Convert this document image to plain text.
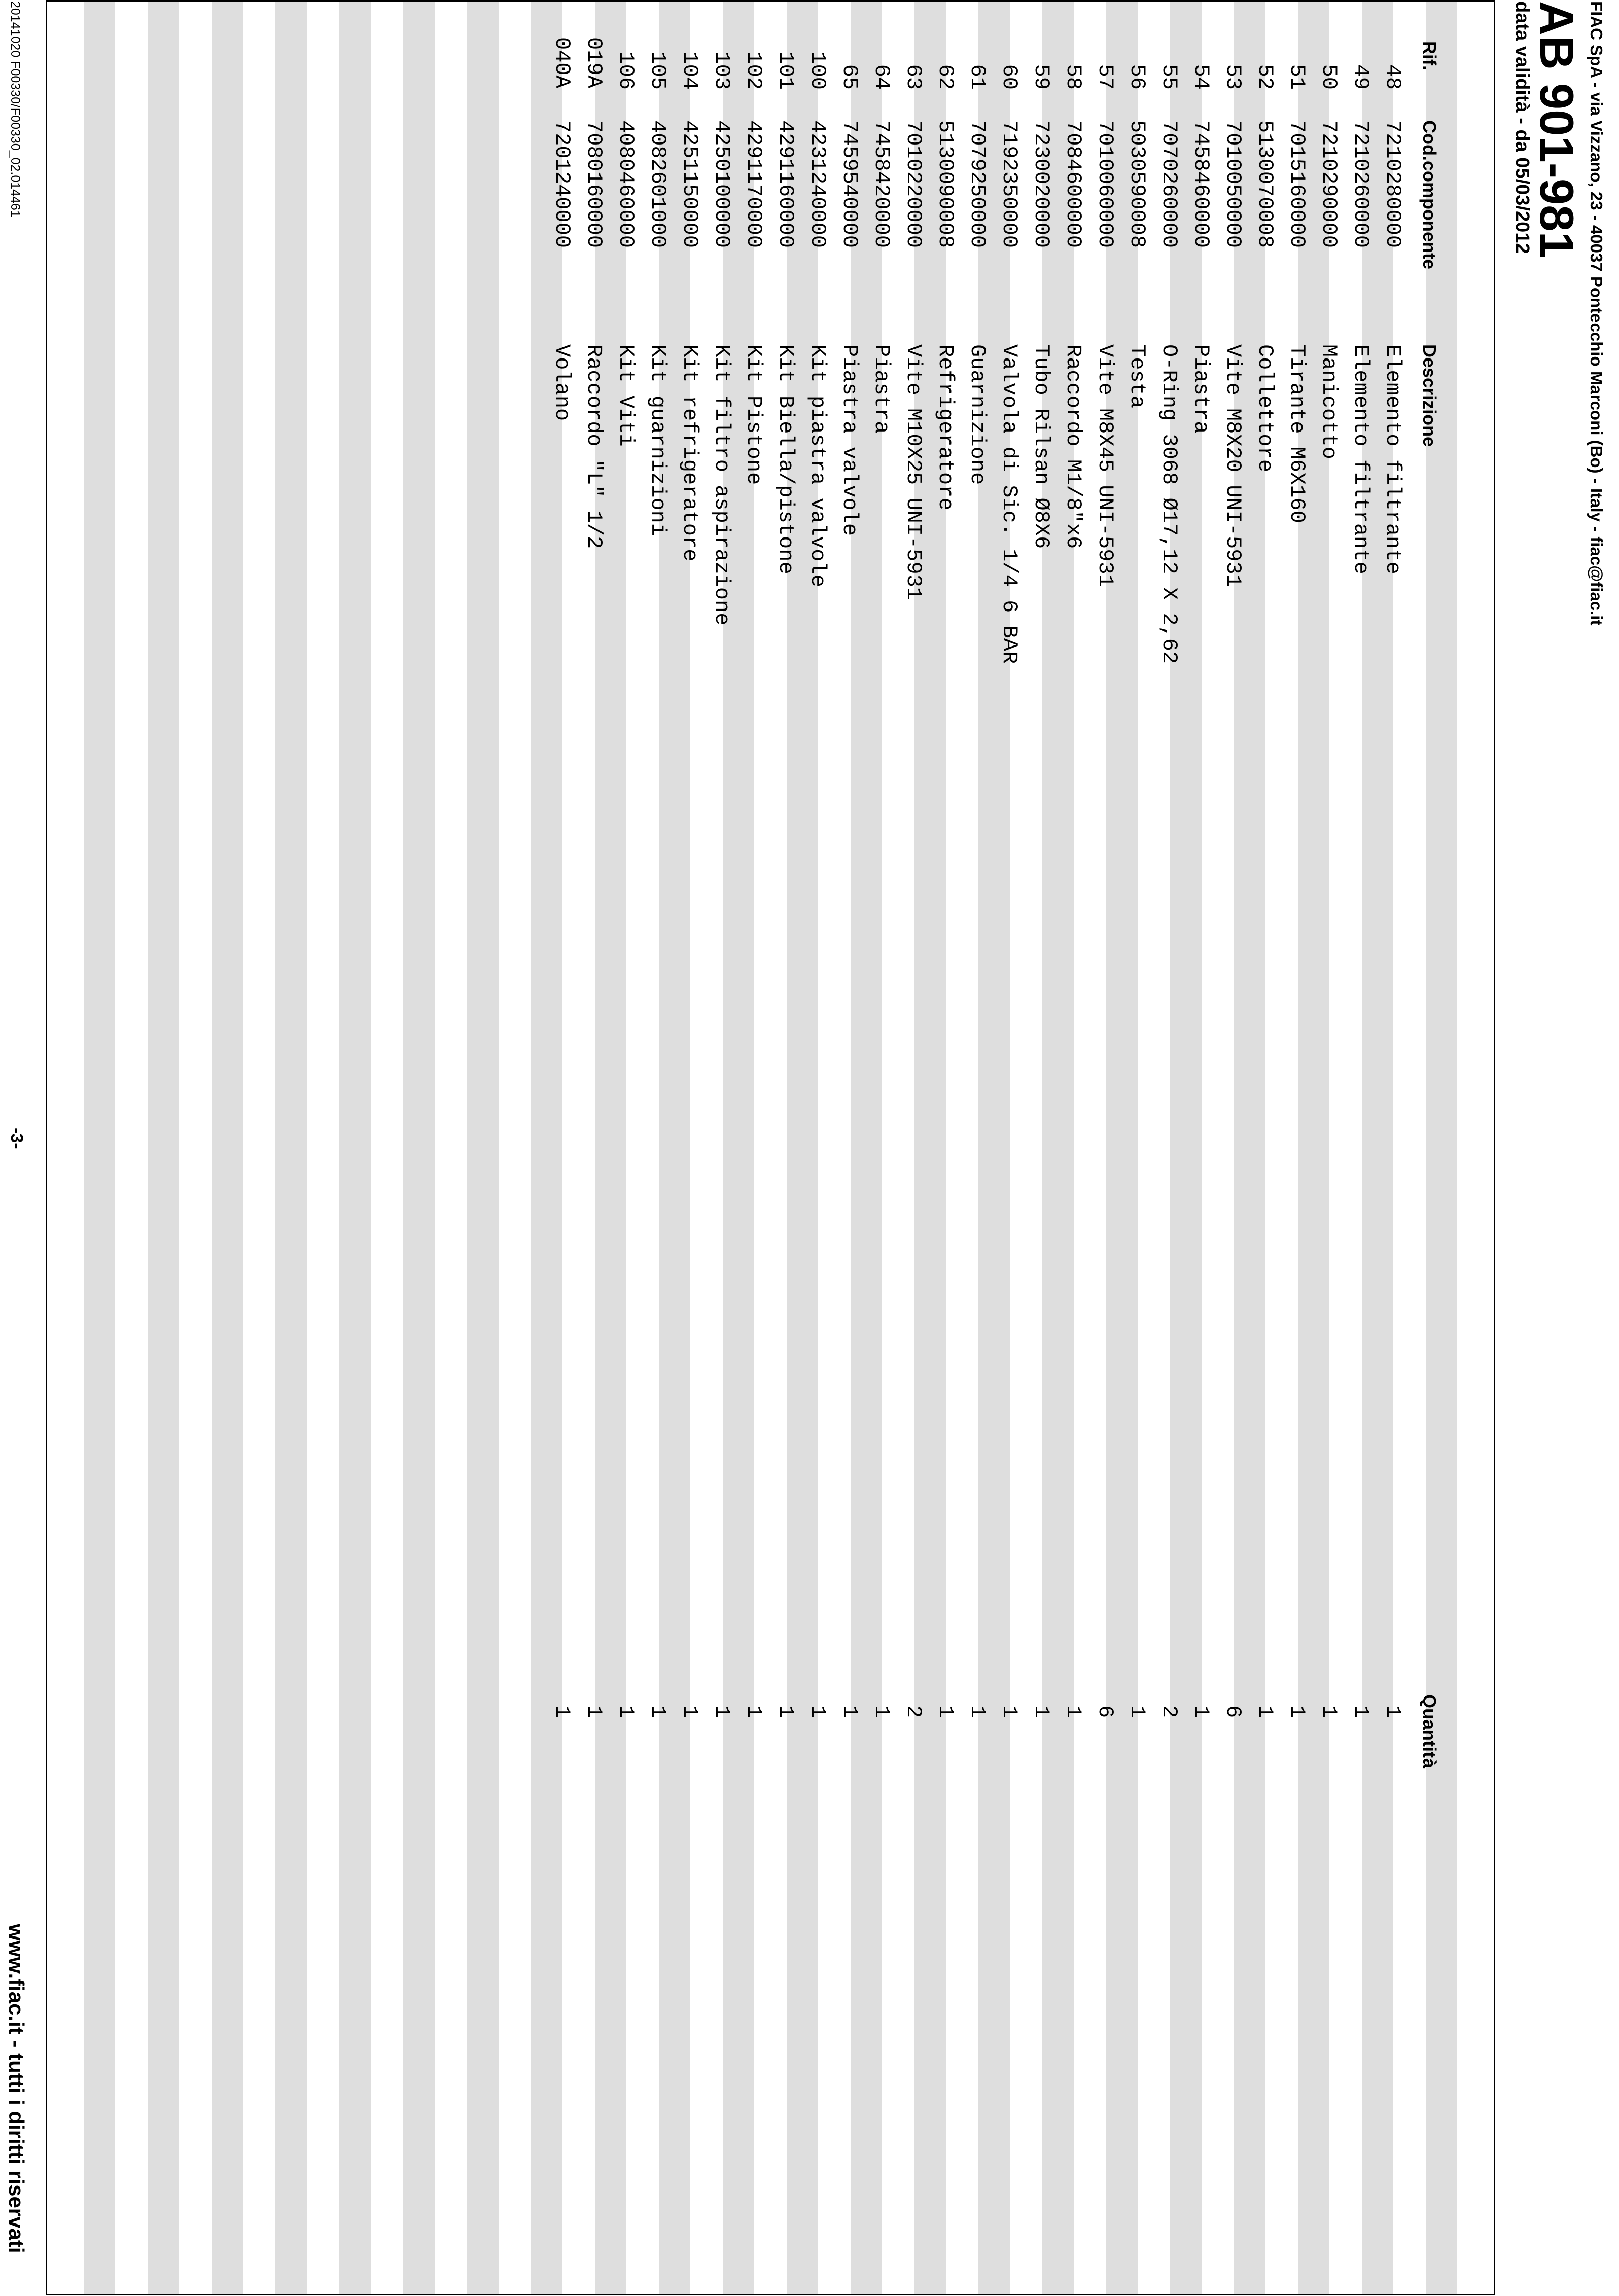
FIAC SpA - via Vizzano, 23 - 40037 Pontecchio Marconi (Bo) - Italy - fiac@fiac.it
AB 901-981
data validità - da 05/03/2012
Rif.
Cod.componente
Descrizione
Quantità
48
7210280000
Elemento filtrante
1
49
7210260000
Elemento filtrante
1
50
7210290000
Manicotto
1
51
7015160000
Tirante M6X160
1
52
5130070008
Collettore
1
53
7010050000
Vite M8X20 UNI-5931
6
54
7458460000
Piastra
1
55
7070260000
O-Ring 3068 Ø17,12 X 2,62
2
56
5030590008
Testa
1
57
7010060000
Vite M8X45 UNI-5931
6
58
7084600000
Raccordo M1/8"x6
1
59
7230020000
Tubo Rilsan Ø8X6
1
60
7192350000
Valvola di Sic. 1/4 6 BAR
1
61
7079250000
Guarnizione
1
62
5130090008
Refrigeratore
1
63
7010220000
Vite M10X25 UNI-5931
2
64
7458420000
Piastra
1
65
7459540000
Piastra valvole
1
100
4231240000
Kit piastra valvole
1
101
4291160000
Kit Biella/pistone
1
102
4291170000
Kit Pistone
1
103
4250100000
Kit filtro aspirazione
1
104
4251150000
Kit refrigeratore
1
105
4082601000
Kit guarnizioni
1
106
4080460000
Kit Viti
1
019A
7080160000
Raccordo "L" 1/2
1
040A
7201240000
Volano
1
20141020 F00330/F00330_02.014461
-3-
www.fiac.it - tutti i diritti riservati
